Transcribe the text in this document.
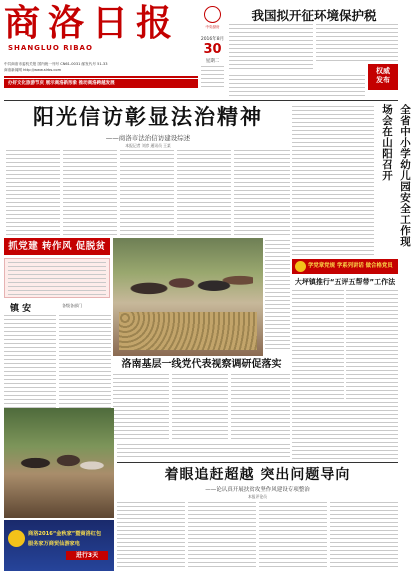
商洛日报
SHANGLUO RIBAO
中共商洛市委机关报 国内统一刊号 CN61-0031 邮发代号 51-33
商洛新闻网 http://www.slrbs.com
办好文化旅游节庆 展示商洛新形象 推动商洛跨越发展
中央厨房
2016年8月
30
星期二
我国拟开征环境保护税
权威发布
阳光信访彰显法治精神
——商洛市法治信访建设综述
本报记者 刘彦 通讯员 王某	全省中小学幼儿园安全工作现场会在山阳召开
抓党建 转作风 促脱贫
镇 安	各级各部门
学党章党规 学系列讲话 做合格党员
大坪镇推行“五评五帮带”工作法
洛南基层一线党代表视察调研促落实
着眼追赶超越 突出问题导向
——论认真开展扶贫攻坚作风建设专项整治
本报评论员
商洛2016“金秋家”暨商洛红包
服务家万商贸仙游家电
进行3天
